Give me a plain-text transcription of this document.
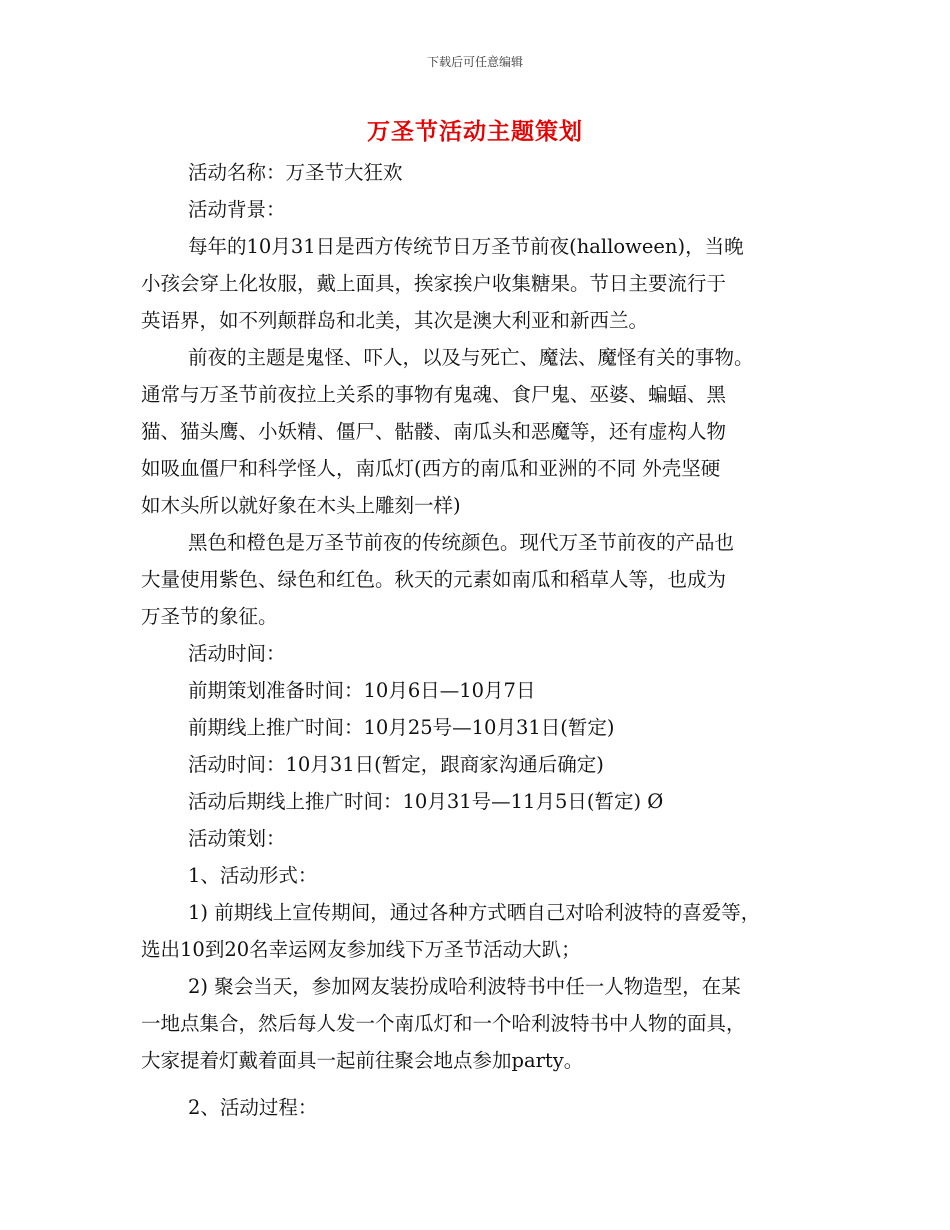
下载后可任意编辑
万圣节活动主题策划
活动名称：万圣节大狂欢
活动背景：
每年的10月31日是西方传统节日万圣节前夜(halloween)，当晚
小孩会穿上化妆服，戴上面具，挨家挨户收集糖果。节日主要流行于
英语界，如不列颠群岛和北美，其次是澳大利亚和新西兰。
前夜的主题是鬼怪、吓人，以及与死亡、魔法、魔怪有关的事物。
通常与万圣节前夜拉上关系的事物有鬼魂、食尸鬼、巫婆、蝙蝠、黑
猫、猫头鹰、小妖精、僵尸、骷髅、南瓜头和恶魔等，还有虚构人物
如吸血僵尸和科学怪人，南瓜灯(西方的南瓜和亚洲的不同 外壳坚硬
如木头所以就好象在木头上雕刻一样)
黑色和橙色是万圣节前夜的传统颜色。现代万圣节前夜的产品也
大量使用紫色、绿色和红色。秋天的元素如南瓜和稻草人等，也成为
万圣节的象征。
活动时间：
前期策划准备时间：10月6日—10月7日
前期线上推广时间：10月25号—10月31日(暂定)
活动时间：10月31日(暂定，跟商家沟通后确定)
活动后期线上推广时间：10月31号—11月5日(暂定) Ø
活动策划：
1、活动形式：
1) 前期线上宣传期间，通过各种方式晒自己对哈利波特的喜爱等，
选出10到20名幸运网友参加线下万圣节活动大趴；
2) 聚会当天，参加网友装扮成哈利波特书中任一人物造型，在某
一地点集合，然后每人发一个南瓜灯和一个哈利波特书中人物的面具，
大家提着灯戴着面具一起前往聚会地点参加party。
2、活动过程：
